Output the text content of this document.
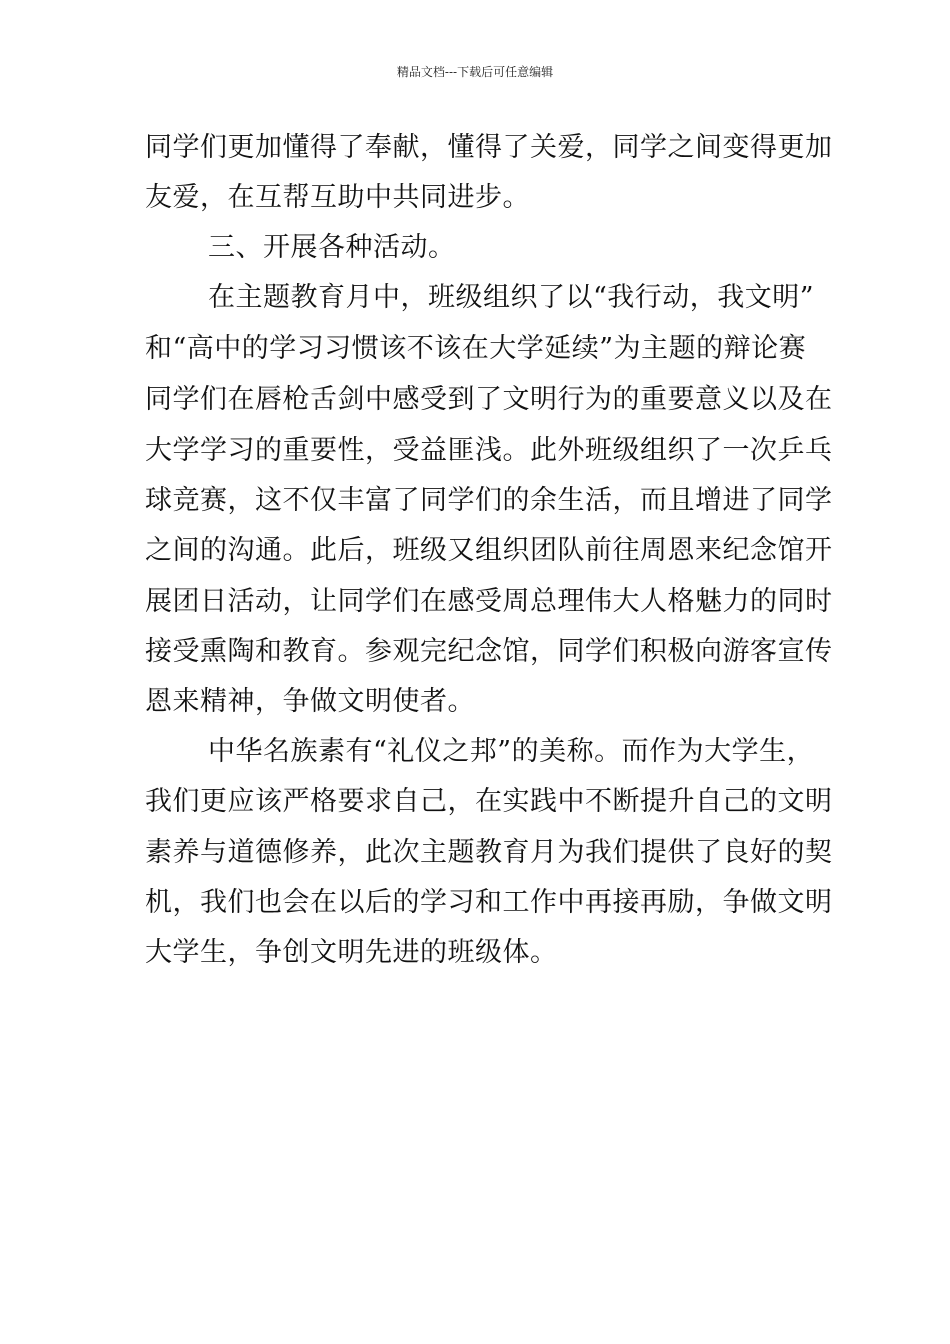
精品文档---下载后可任意编辑
同学们更加懂得了奉献，懂得了关爱，同学之间变得更加
友爱，在互帮互助中共同进步。
三、开展各种活动。
在主题教育月中，班级组织了以“我行动，我文明”
和“高中的学习习惯该不该在大学延续”为主题的辩论赛
同学们在唇枪舌剑中感受到了文明行为的重要意义以及在
大学学习的重要性，受益匪浅。此外班级组织了一次乒乓
球竞赛，这不仅丰富了同学们的余生活，而且增进了同学
之间的沟通。此后，班级又组织团队前往周恩来纪念馆开
展团日活动，让同学们在感受周总理伟大人格魅力的同时
接受熏陶和教育。参观完纪念馆，同学们积极向游客宣传
恩来精神，争做文明使者。
中华名族素有“礼仪之邦”的美称。而作为大学生，
我们更应该严格要求自己，在实践中不断提升自己的文明
素养与道德修养，此次主题教育月为我们提供了良好的契
机，我们也会在以后的学习和工作中再接再励，争做文明
大学生，争创文明先进的班级体。
